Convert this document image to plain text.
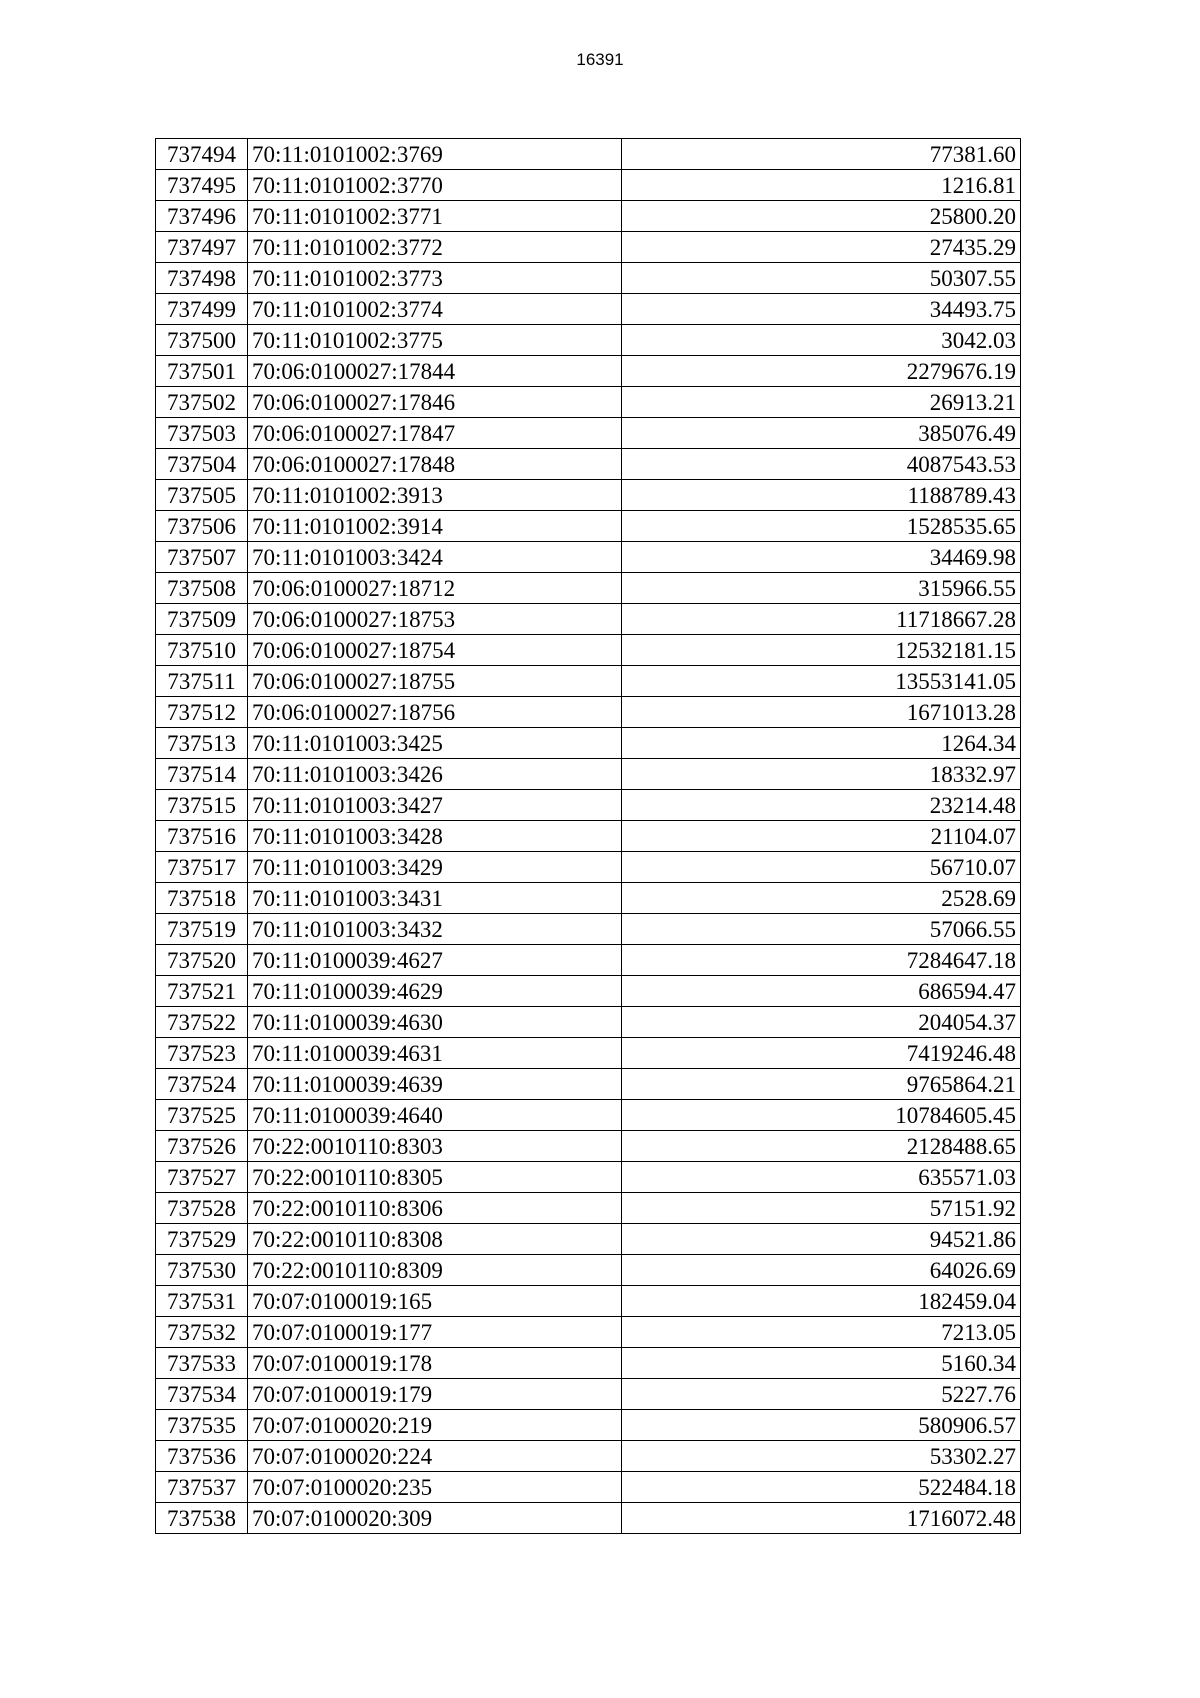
16391
737494	70:11:0101002:3769	77381.60
737495	70:11:0101002:3770	1216.81
737496	70:11:0101002:3771	25800.20
737497	70:11:0101002:3772	27435.29
737498	70:11:0101002:3773	50307.55
737499	70:11:0101002:3774	34493.75
737500	70:11:0101002:3775	3042.03
737501	70:06:0100027:17844	2279676.19
737502	70:06:0100027:17846	26913.21
737503	70:06:0100027:17847	385076.49
737504	70:06:0100027:17848	4087543.53
737505	70:11:0101002:3913	1188789.43
737506	70:11:0101002:3914	1528535.65
737507	70:11:0101003:3424	34469.98
737508	70:06:0100027:18712	315966.55
737509	70:06:0100027:18753	11718667.28
737510	70:06:0100027:18754	12532181.15
737511	70:06:0100027:18755	13553141.05
737512	70:06:0100027:18756	1671013.28
737513	70:11:0101003:3425	1264.34
737514	70:11:0101003:3426	18332.97
737515	70:11:0101003:3427	23214.48
737516	70:11:0101003:3428	21104.07
737517	70:11:0101003:3429	56710.07
737518	70:11:0101003:3431	2528.69
737519	70:11:0101003:3432	57066.55
737520	70:11:0100039:4627	7284647.18
737521	70:11:0100039:4629	686594.47
737522	70:11:0100039:4630	204054.37
737523	70:11:0100039:4631	7419246.48
737524	70:11:0100039:4639	9765864.21
737525	70:11:0100039:4640	10784605.45
737526	70:22:0010110:8303	2128488.65
737527	70:22:0010110:8305	635571.03
737528	70:22:0010110:8306	57151.92
737529	70:22:0010110:8308	94521.86
737530	70:22:0010110:8309	64026.69
737531	70:07:0100019:165	182459.04
737532	70:07:0100019:177	7213.05
737533	70:07:0100019:178	5160.34
737534	70:07:0100019:179	5227.76
737535	70:07:0100020:219	580906.57
737536	70:07:0100020:224	53302.27
737537	70:07:0100020:235	522484.18
737538	70:07:0100020:309	1716072.48
